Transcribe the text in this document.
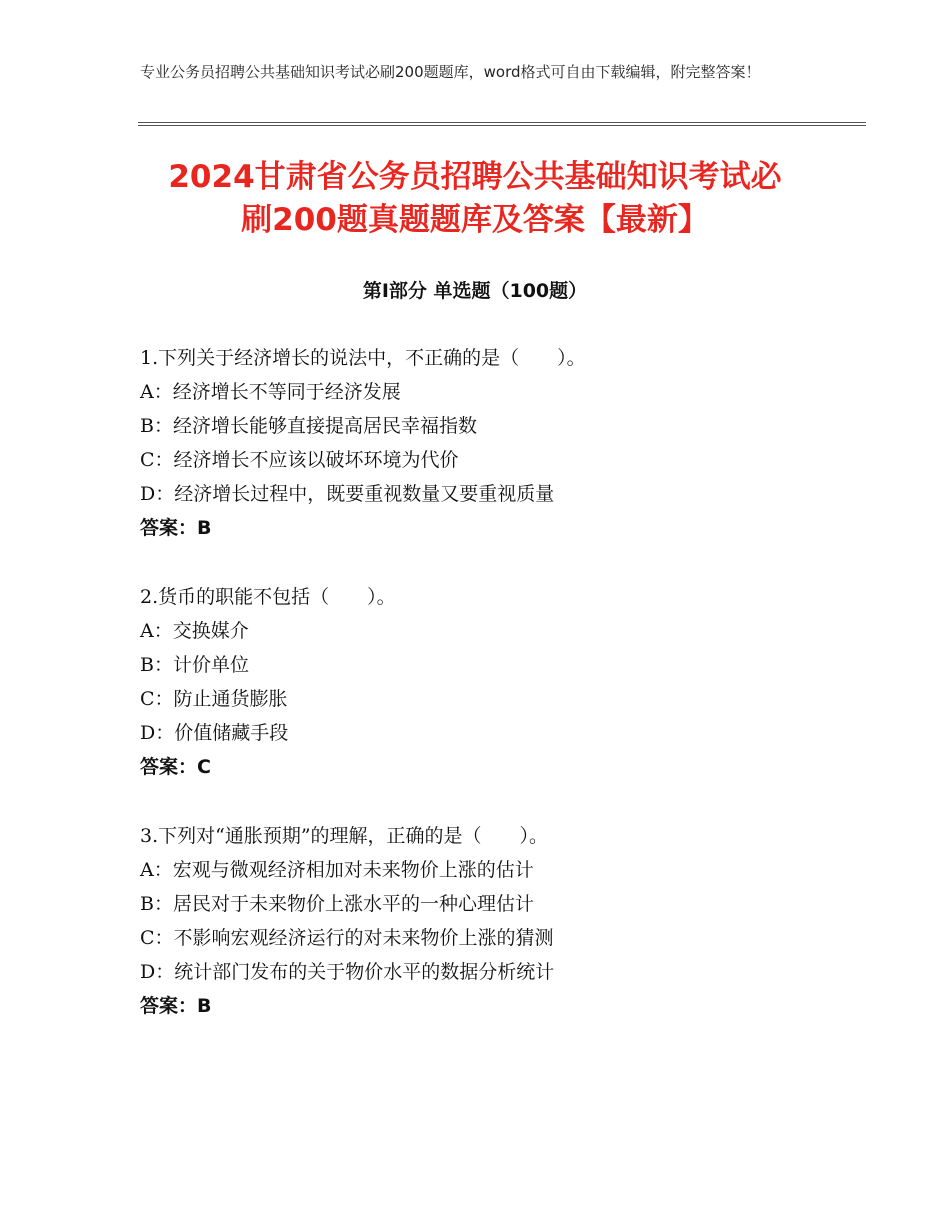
专业公务员招聘公共基础知识考试必刷200题题库，word格式可自由下载编辑，附完整答案！
2024甘肃省公务员招聘公共基础知识考试必
刷200题真题题库及答案【最新】
第Ⅰ部分 单选题（100题）
1.下列关于经济增长的说法中，不正确的是（　　）。
A：经济增长不等同于经济发展
B：经济增长能够直接提高居民幸福指数
C：经济增长不应该以破坏环境为代价
D：经济增长过程中，既要重视数量又要重视质量
答案：B
2.货币的职能不包括（　　）。
A：交换媒介
B：计价单位
C：防止通货膨胀
D：价值储藏手段
答案：C
3.下列对“通胀预期”的理解，正确的是（　　）。
A：宏观与微观经济相加对未来物价上涨的估计
B：居民对于未来物价上涨水平的一种心理估计
C：不影响宏观经济运行的对未来物价上涨的猜测
D：统计部门发布的关于物价水平的数据分析统计
答案：B
